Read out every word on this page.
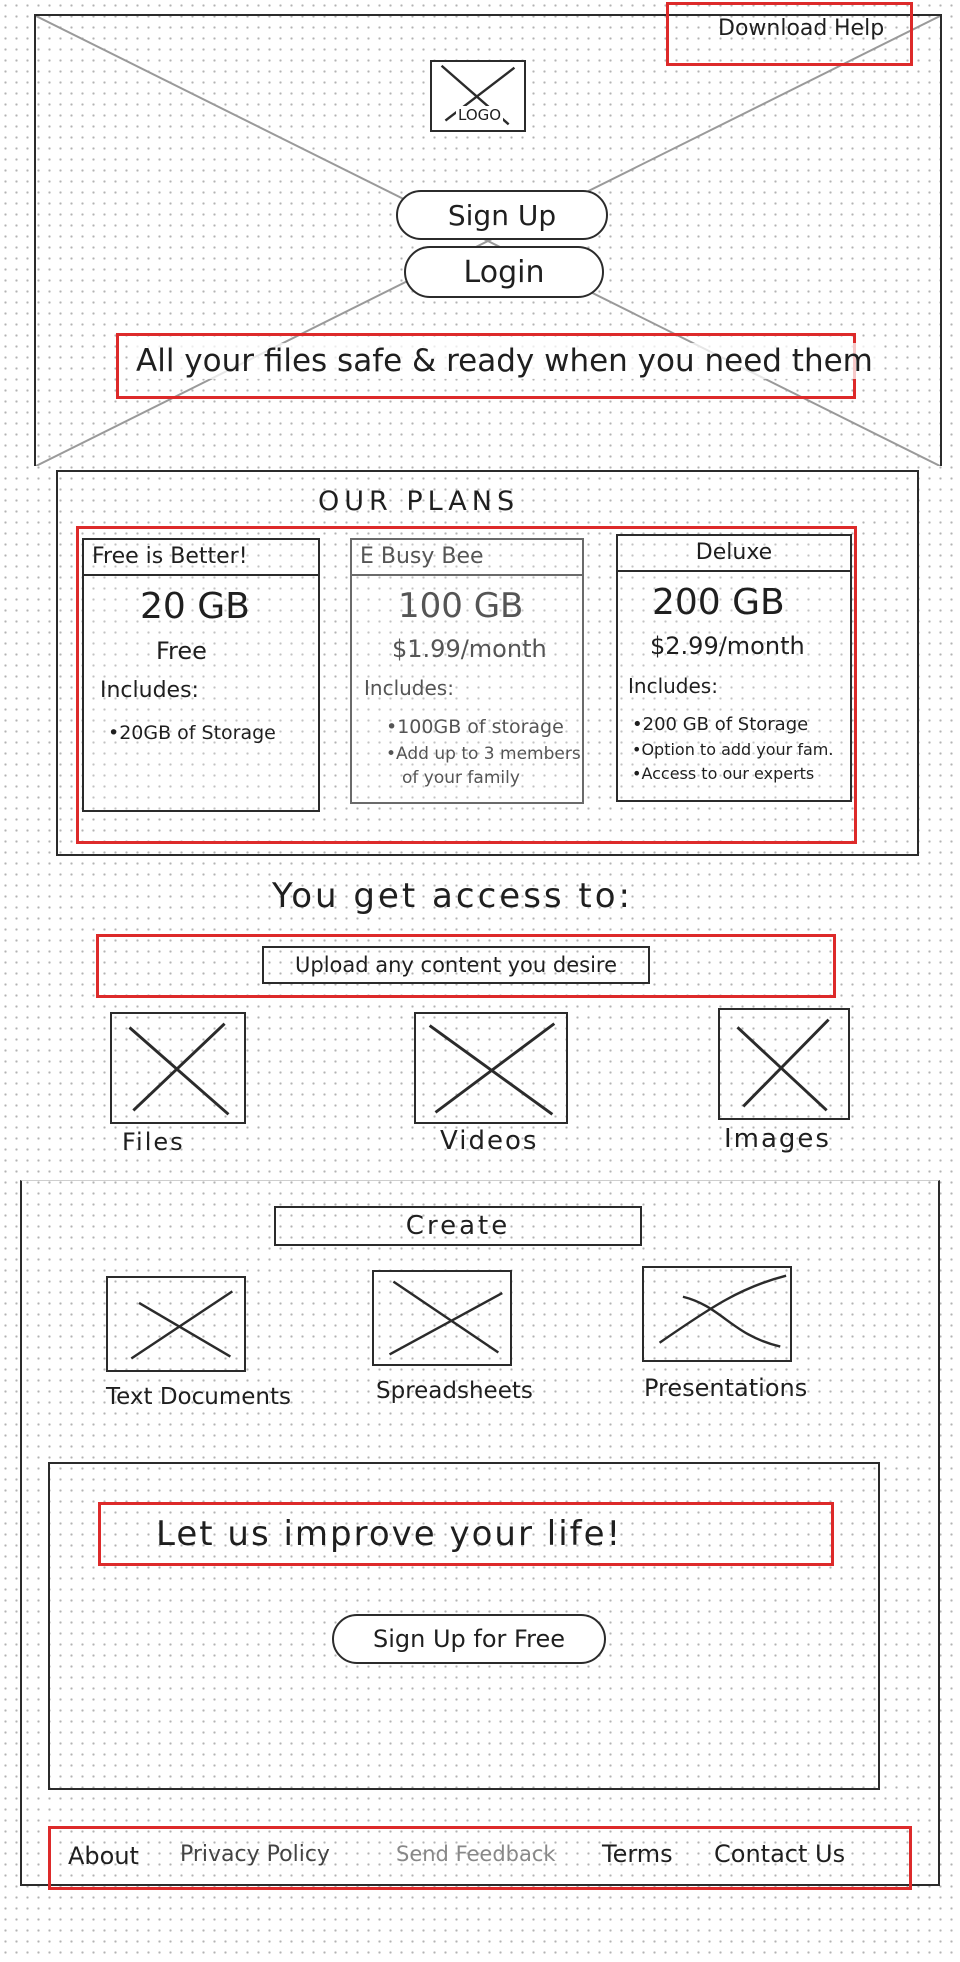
Download Help
LOGO
Sign Up
Login
All your files safe & ready when you need them
OUR PLANS
Free is Better!
20 GB
Free
Includes:
•20GB of Storage
E Busy Bee
100 GB
$1.99/month
Includes:
•100GB of storage
•Add up to 3 members
of your family
Deluxe
200 GB
$2.99/month
Includes:
•200 GB of Storage
•Option to add your fam.
•Access to our experts
You get access to:
Upload any content you desire
Files	Videos	Images
Create
Text Documents	Spreadsheets	Presentations
Let us improve your life!
Sign Up for Free
About Privacy Policy	Send Feedback Terms Contact Us
